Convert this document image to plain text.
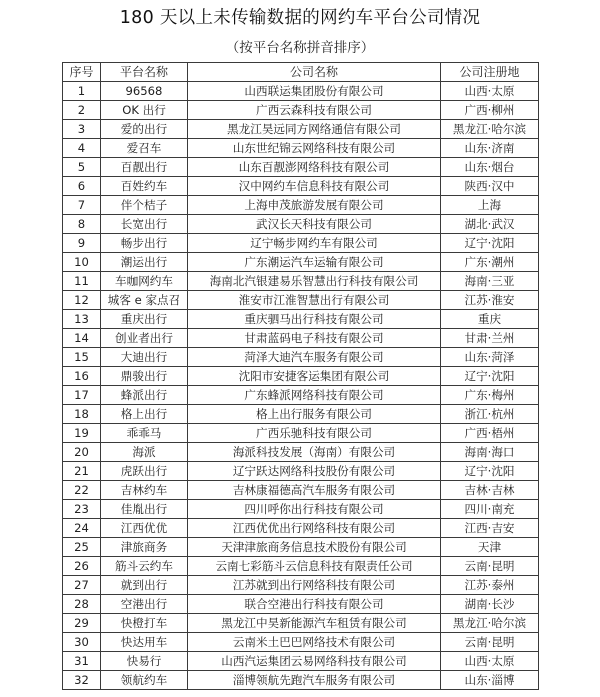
180 天以上未传输数据的网约车平台公司情况
（按平台名称拼音排序）
序号	平台名称	公司名称	公司注册地
1	96568	山西联运集团股份有限公司	山西·太原
2	OK 出行	广西云森科技有限公司	广西·柳州
3	爱的出行	黑龙江昊远同方网络通信有限公司	黑龙江·哈尔滨
4	爱召车	山东世纪锦云网络科技有限公司	山东·济南
5	百靓出行	山东百靓澎网络科技有限公司	山东·烟台
6	百姓约车	汉中网约车信息科技有限公司	陕西·汉中
7	伴个桔子	上海申茂旅游发展有限公司	上海
8	长宽出行	武汉长天科技有限公司	湖北·武汉
9	畅步出行	辽宁畅步网约车有限公司	辽宁·沈阳
10	潮运出行	广东潮运汽车运输有限公司	广东·潮州
11	车咖网约车	海南北汽银建易乐智慧出行科技有限公司	海南·三亚
12	城客 e 家点召	淮安市江淮智慧出行有限公司	江苏·淮安
13	重庆出行	重庆驷马出行科技有限公司	重庆
14	创业者出行	甘肃蓝码电子科技有限公司	甘肃·兰州
15	大迪出行	菏泽大迪汽车服务有限公司	山东·菏泽
16	鼎骏出行	沈阳市安捷客运集团有限公司	辽宁·沈阳
17	蜂派出行	广东蜂派网络科技有限公司	广东·梅州
18	格上出行	格上出行服务有限公司	浙江·杭州
19	乖乖马	广西乐驰科技有限公司	广西·梧州
20	海派	海派科技发展（海南）有限公司	海南·海口
21	虎跃出行	辽宁跃达网络科技股份有限公司	辽宁·沈阳
22	吉林约车	吉林康福德高汽车服务有限公司	吉林·吉林
23	佳胤出行	四川呼你出行科技有限公司	四川·南充
24	江西优优	江西优优出行网络科技有限公司	江西·吉安
25	津旅商务	天津津旅商务信息技术股份有限公司	天津
26	筋斗云约车	云南七彩筋斗云信息科技有限责任公司	云南·昆明
27	就到出行	江苏就到出行网络科技有限公司	江苏·泰州
28	空港出行	联合空港出行科技有限公司	湖南·长沙
29	快橙打车	黑龙江中昊新能源汽车租赁有限公司	黑龙江·哈尔滨
30	快达用车	云南米土巴巴网络技术有限公司	云南·昆明
31	快易行	山西汽运集团云易网络科技有限公司	山西·太原
32	领航约车	淄博领航先跑汽车服务有限公司	山东·淄博
